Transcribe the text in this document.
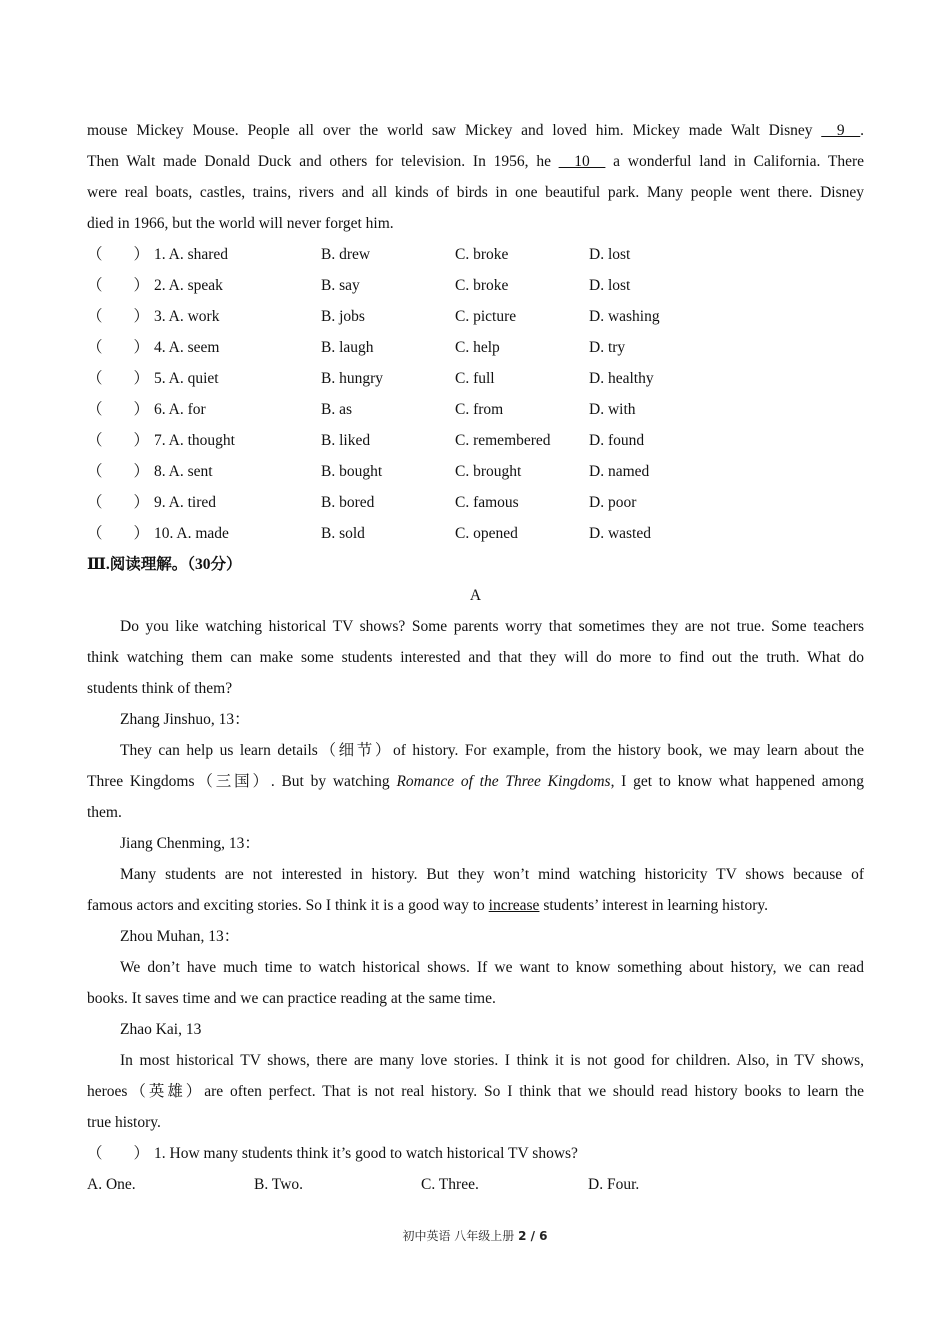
mouse Mickey Mouse. People all over the world saw Mickey and loved him. Mickey made Walt Disney __9__.
Then Walt made Donald Duck and others for television. In 1956, he __10__ a wonderful land in California. There
were real boats, castles, trains, rivers and all kinds of birds in one beautiful park. Many people went there. Disney
died in 1966, but the world will never forget him.
（　　） 1. A. shared	B. drew	C. broke	D. lost
（　　） 2. A. speak	B. say	C. broke	D. lost
（　　） 3. A. work	B. jobs	C. picture	D. washing
（　　） 4. A. seem	B. laugh	C. help	D. try
（　　） 5. A. quiet	B. hungry	C. full	D. healthy
（　　） 6. A. for	B. as	C. from	D. with
（　　） 7. A. thought	B. liked	C. remembered	D. found
（　　） 8. A. sent	B. bought	C. brought	D. named
（　　） 9. A. tired	B. bored	C. famous	D. poor
（　　） 10. A. made	B. sold	C. opened	D. wasted
Ⅲ.阅读理解。（30分）
A
Do you like watching historical TV shows? Some parents worry that sometimes they are not true. Some teachers
think watching them can make some students interested and that they will do more to find out the truth. What do
students think of them?
Zhang Jinshuo, 13：
They can help us learn details（细节）of history. For example, from the history book, we may learn about the
Three Kingdoms（三国）. But by watching Romance of the Three Kingdoms, I get to know what happened among
them.
Jiang Chenming, 13：
Many students are not interested in history. But they won’t mind watching historicity TV shows because of
famous actors and exciting stories. So I think it is a good way to increase students’ interest in learning history.
Zhou Muhan, 13：
We don’t have much time to watch historical shows. If we want to know something about history, we can read
books. It saves time and we can practice reading at the same time.
Zhao Kai, 13
In most historical TV shows, there are many love stories. I think it is not good for children. Also, in TV shows,
heroes（英雄）are often perfect. That is not real history. So I think that we should read history books to learn the
true history.
（　　） 1. How many students think it’s good to watch historical TV shows?
A. One.	B. Two.	C. Three.	D. Four.
初中英语 八年级上册 2 / 6
